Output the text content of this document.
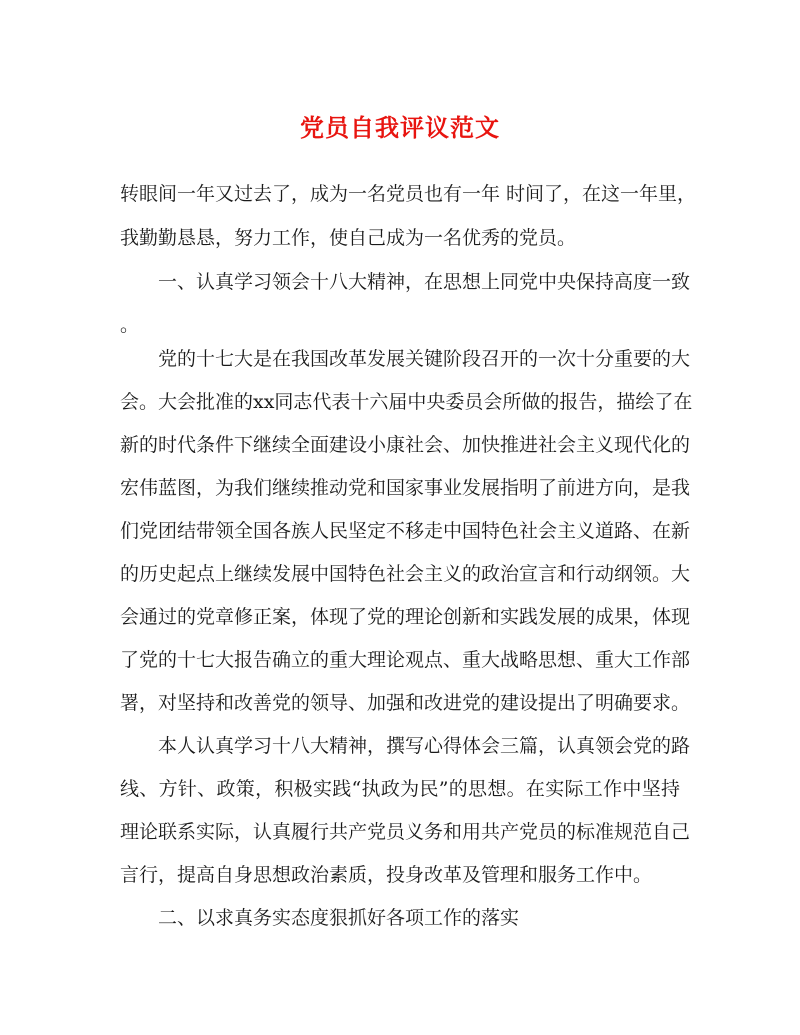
党员自我评议范文
转眼间一年又过去了，成为一名党员也有一年 时间了，在这一年里，
我勤勤恳恳，努力工作，使自己成为一名优秀的党员。
一、认真学习领会十八大精神，在思想上同党中央保持高度一致
。
党的十七大是在我国改革发展关键阶段召开的一次十分重要的大
会。大会批准的xx同志代表十六届中央委员会所做的报告，描绘了在
新的时代条件下继续全面建设小康社会、加快推进社会主义现代化的
宏伟蓝图，为我们继续推动党和国家事业发展指明了前进方向，是我
们党团结带领全国各族人民坚定不移走中国特色社会主义道路、在新
的历史起点上继续发展中国特色社会主义的政治宣言和行动纲领。大
会通过的党章修正案，体现了党的理论创新和实践发展的成果，体现
了党的十七大报告确立的重大理论观点、重大战略思想、重大工作部
署，对坚持和改善党的领导、加强和改进党的建设提出了明确要求。
本人认真学习十八大精神，撰写心得体会三篇，认真领会党的路
线、方针、政策，积极实践“执政为民”的思想。在实际工作中坚持
理论联系实际，认真履行共产党员义务和用共产党员的标准规范自己
言行，提高自身思想政治素质，投身改革及管理和服务工作中。
二、以求真务实态度狠抓好各项工作的落实
